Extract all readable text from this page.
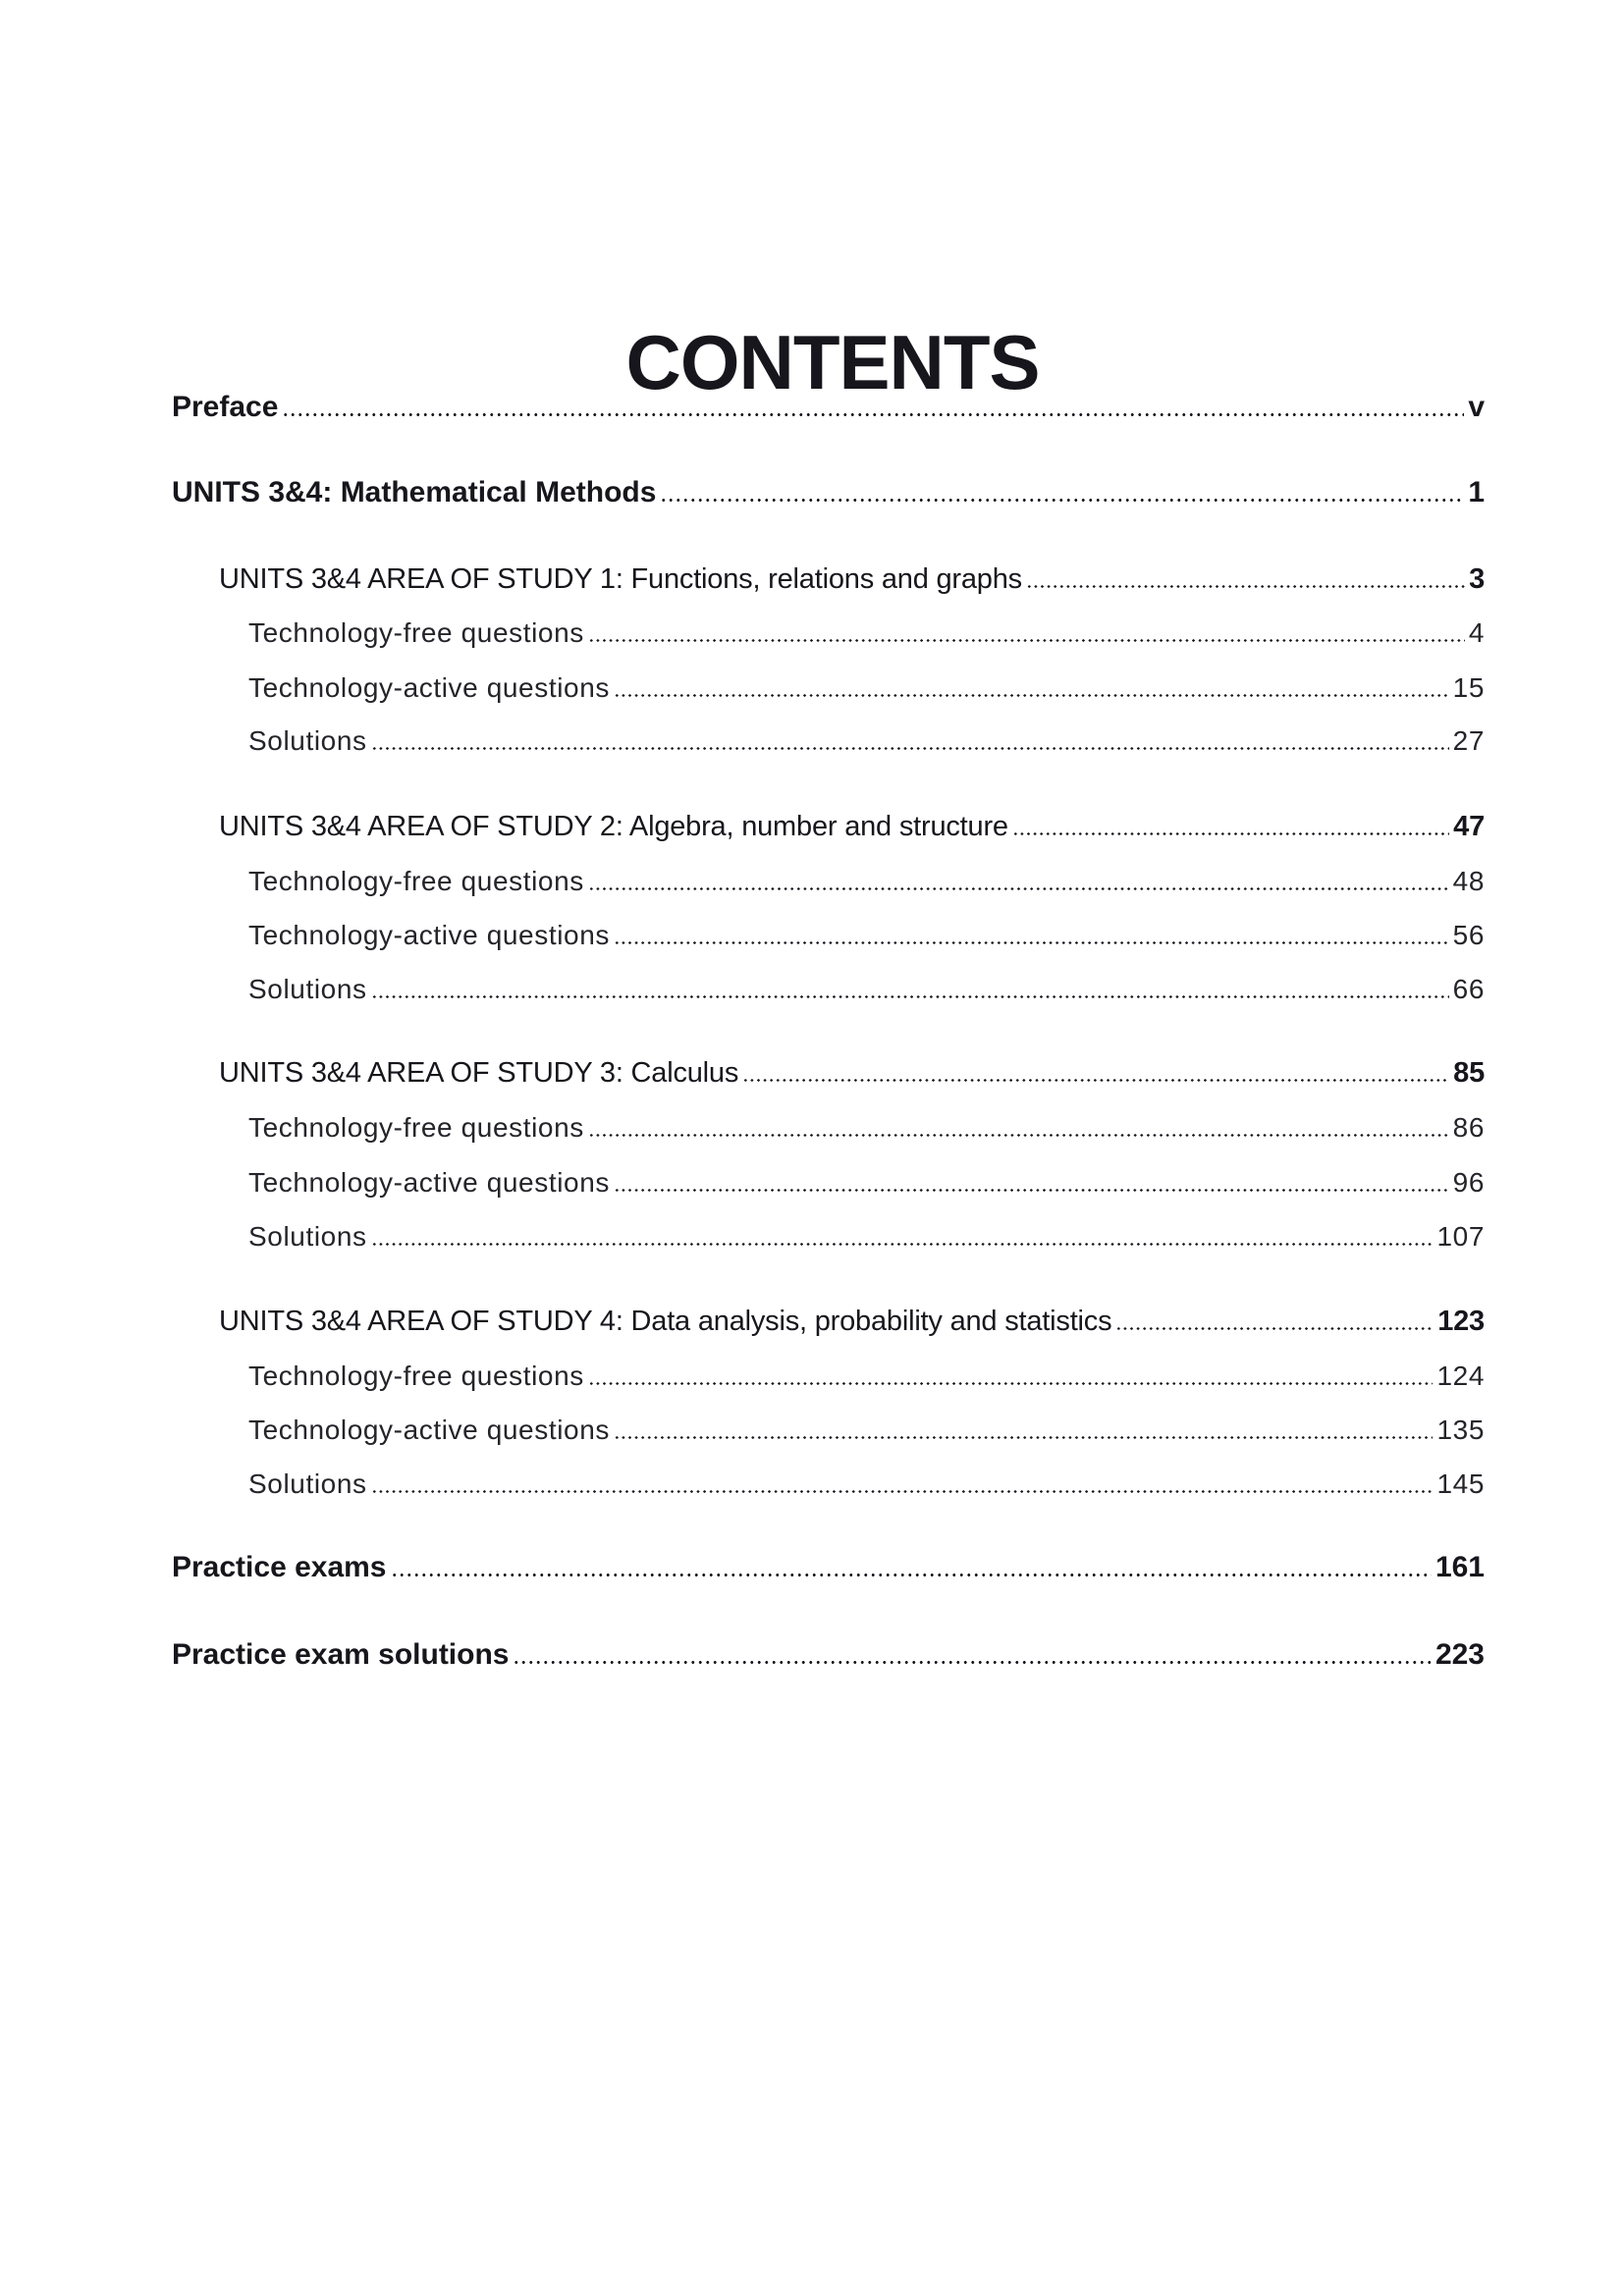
CONTENTS
Preface	v
UNITS 3&4: Mathematical Methods	1
UNITS 3&4 AREA OF STUDY 1: Functions, relations and graphs	3
Technology-free questions	4
Technology-active questions	15
Solutions	27
UNITS 3&4 AREA OF STUDY 2: Algebra, number and structure	47
Technology-free questions	48
Technology-active questions	56
Solutions	66
UNITS 3&4 AREA OF STUDY 3: Calculus	85
Technology-free questions	86
Technology-active questions	96
Solutions	107
UNITS 3&4 AREA OF STUDY 4: Data analysis, probability and statistics	123
Technology-free questions	124
Technology-active questions	135
Solutions	145
Practice exams	161
Practice exam solutions	223
